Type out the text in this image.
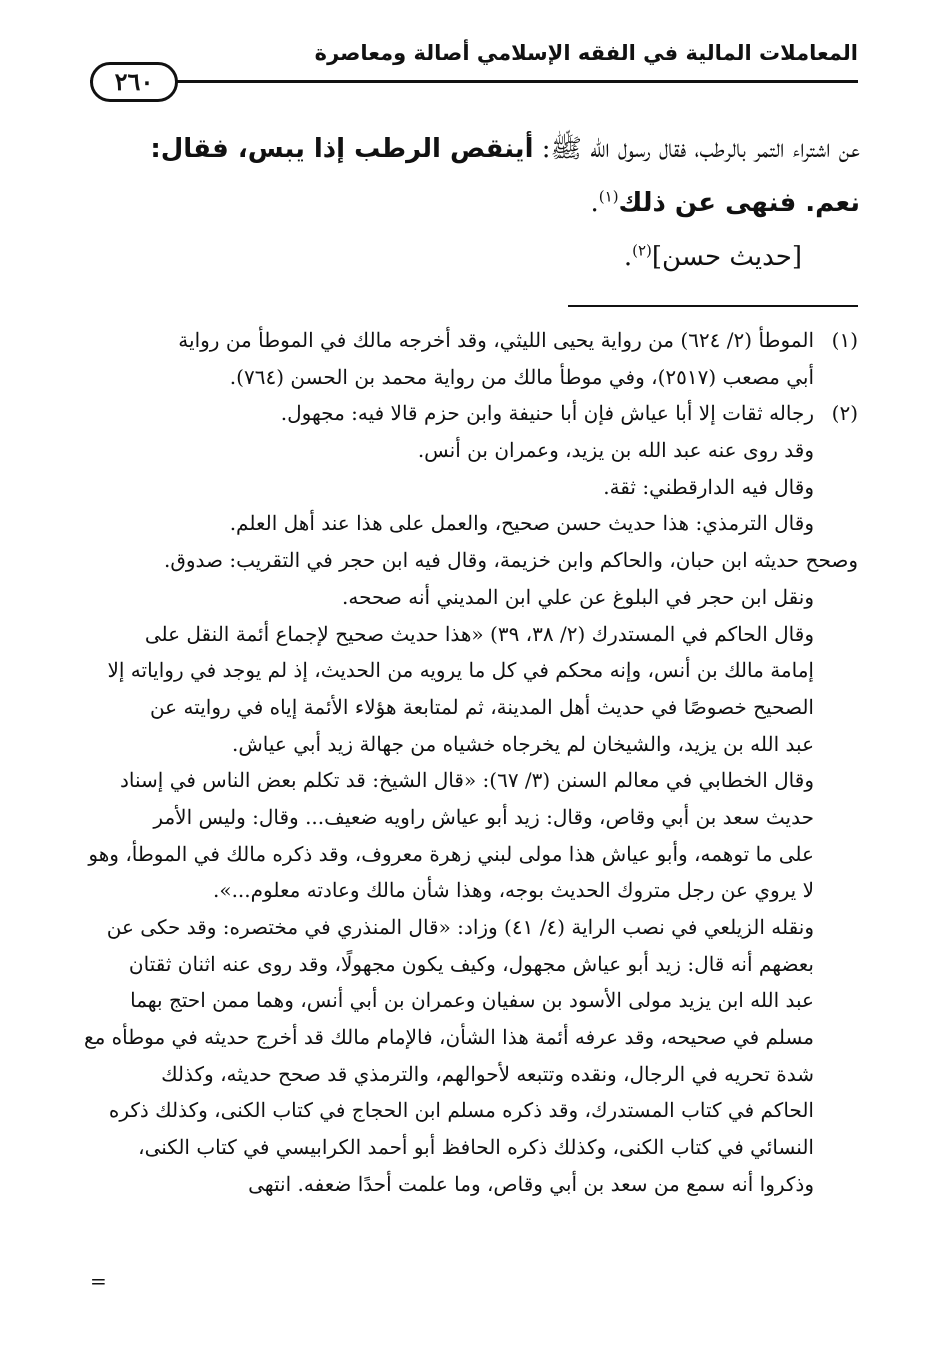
المعاملات المالية في الفقه الإسلامي أصالة ومعاصرة
٢٦٠
عن اشتراء التمر بالرطب، فقال رسول الله ﷺ: أينقص الرطب إذا يبس، فقال:
نعم. فنهى عن ذلك$^{(١)}$.
[حديث حسن]$^{(٢)}$.
(١)الموطأ (٢/ ٦٢٤) من رواية يحيى الليثي، وقد أخرجه مالك في الموطأ من رواية
أبي مصعب (٢٥١٧)، وفي موطأ مالك من رواية محمد بن الحسن (٧٦٤).
(٢)رجاله ثقات إلا أبا عياش فإن أبا حنيفة وابن حزم قالا فيه: مجهول.
وقد روى عنه عبد الله بن يزيد، وعمران بن أنس.
وقال فيه الدارقطني: ثقة.
وقال الترمذي: هذا حديث حسن صحيح، والعمل على هذا عند أهل العلم.
وصحح حديثه ابن حبان، والحاكم وابن خزيمة، وقال فيه ابن حجر في التقريب: صدوق.
ونقل ابن حجر في البلوغ عن علي ابن المديني أنه صححه.
وقال الحاكم في المستدرك (٢/ ٣٨، ٣٩) «هذا حديث صحيح لإجماع أئمة النقل على
إمامة مالك بن أنس، وإنه محكم في كل ما يرويه من الحديث، إذ لم يوجد في رواياته إلا
الصحيح خصوصًا في حديث أهل المدينة، ثم لمتابعة هؤلاء الأئمة إياه في روايته عن
عبد الله بن يزيد، والشيخان لم يخرجاه خشياه من جهالة زيد أبي عياش.
وقال الخطابي في معالم السنن (٣/ ٦٧): «قال الشيخ: قد تكلم بعض الناس في إسناد
حديث سعد بن أبي وقاص، وقال: زيد أبو عياش راويه ضعيف... وقال: وليس الأمر
على ما توهمه، وأبو عياش هذا مولى لبني زهرة معروف، وقد ذكره مالك في الموطأ، وهو
لا يروي عن رجل متروك الحديث بوجه، وهذا شأن مالك وعادته معلوم...».
ونقله الزيلعي في نصب الراية (٤/ ٤١) وزاد: «قال المنذري في مختصره: وقد حكى عن
بعضهم أنه قال: زيد أبو عياش مجهول، وكيف يكون مجهولًا، وقد روى عنه اثنان ثقتان
عبد الله ابن يزيد مولى الأسود بن سفيان وعمران بن أبي أنس، وهما ممن احتج بهما
مسلم في صحيحه، وقد عرفه أئمة هذا الشأن، فالإمام مالك قد أخرج حديثه في موطأه مع
شدة تحريه في الرجال، ونقده وتتبعه لأحوالهم، والترمذي قد صحح حديثه، وكذلك
الحاكم في كتاب المستدرك، وقد ذكره مسلم ابن الحجاج في كتاب الكنى، وكذلك ذكره
النسائي في كتاب الكنى، وكذلك ذكره الحافظ أبو أحمد الكرابيسي في كتاب الكنى،
وذكروا أنه سمع من سعد بن أبي وقاص، وما علمت أحدًا ضعفه. انتهى
=
